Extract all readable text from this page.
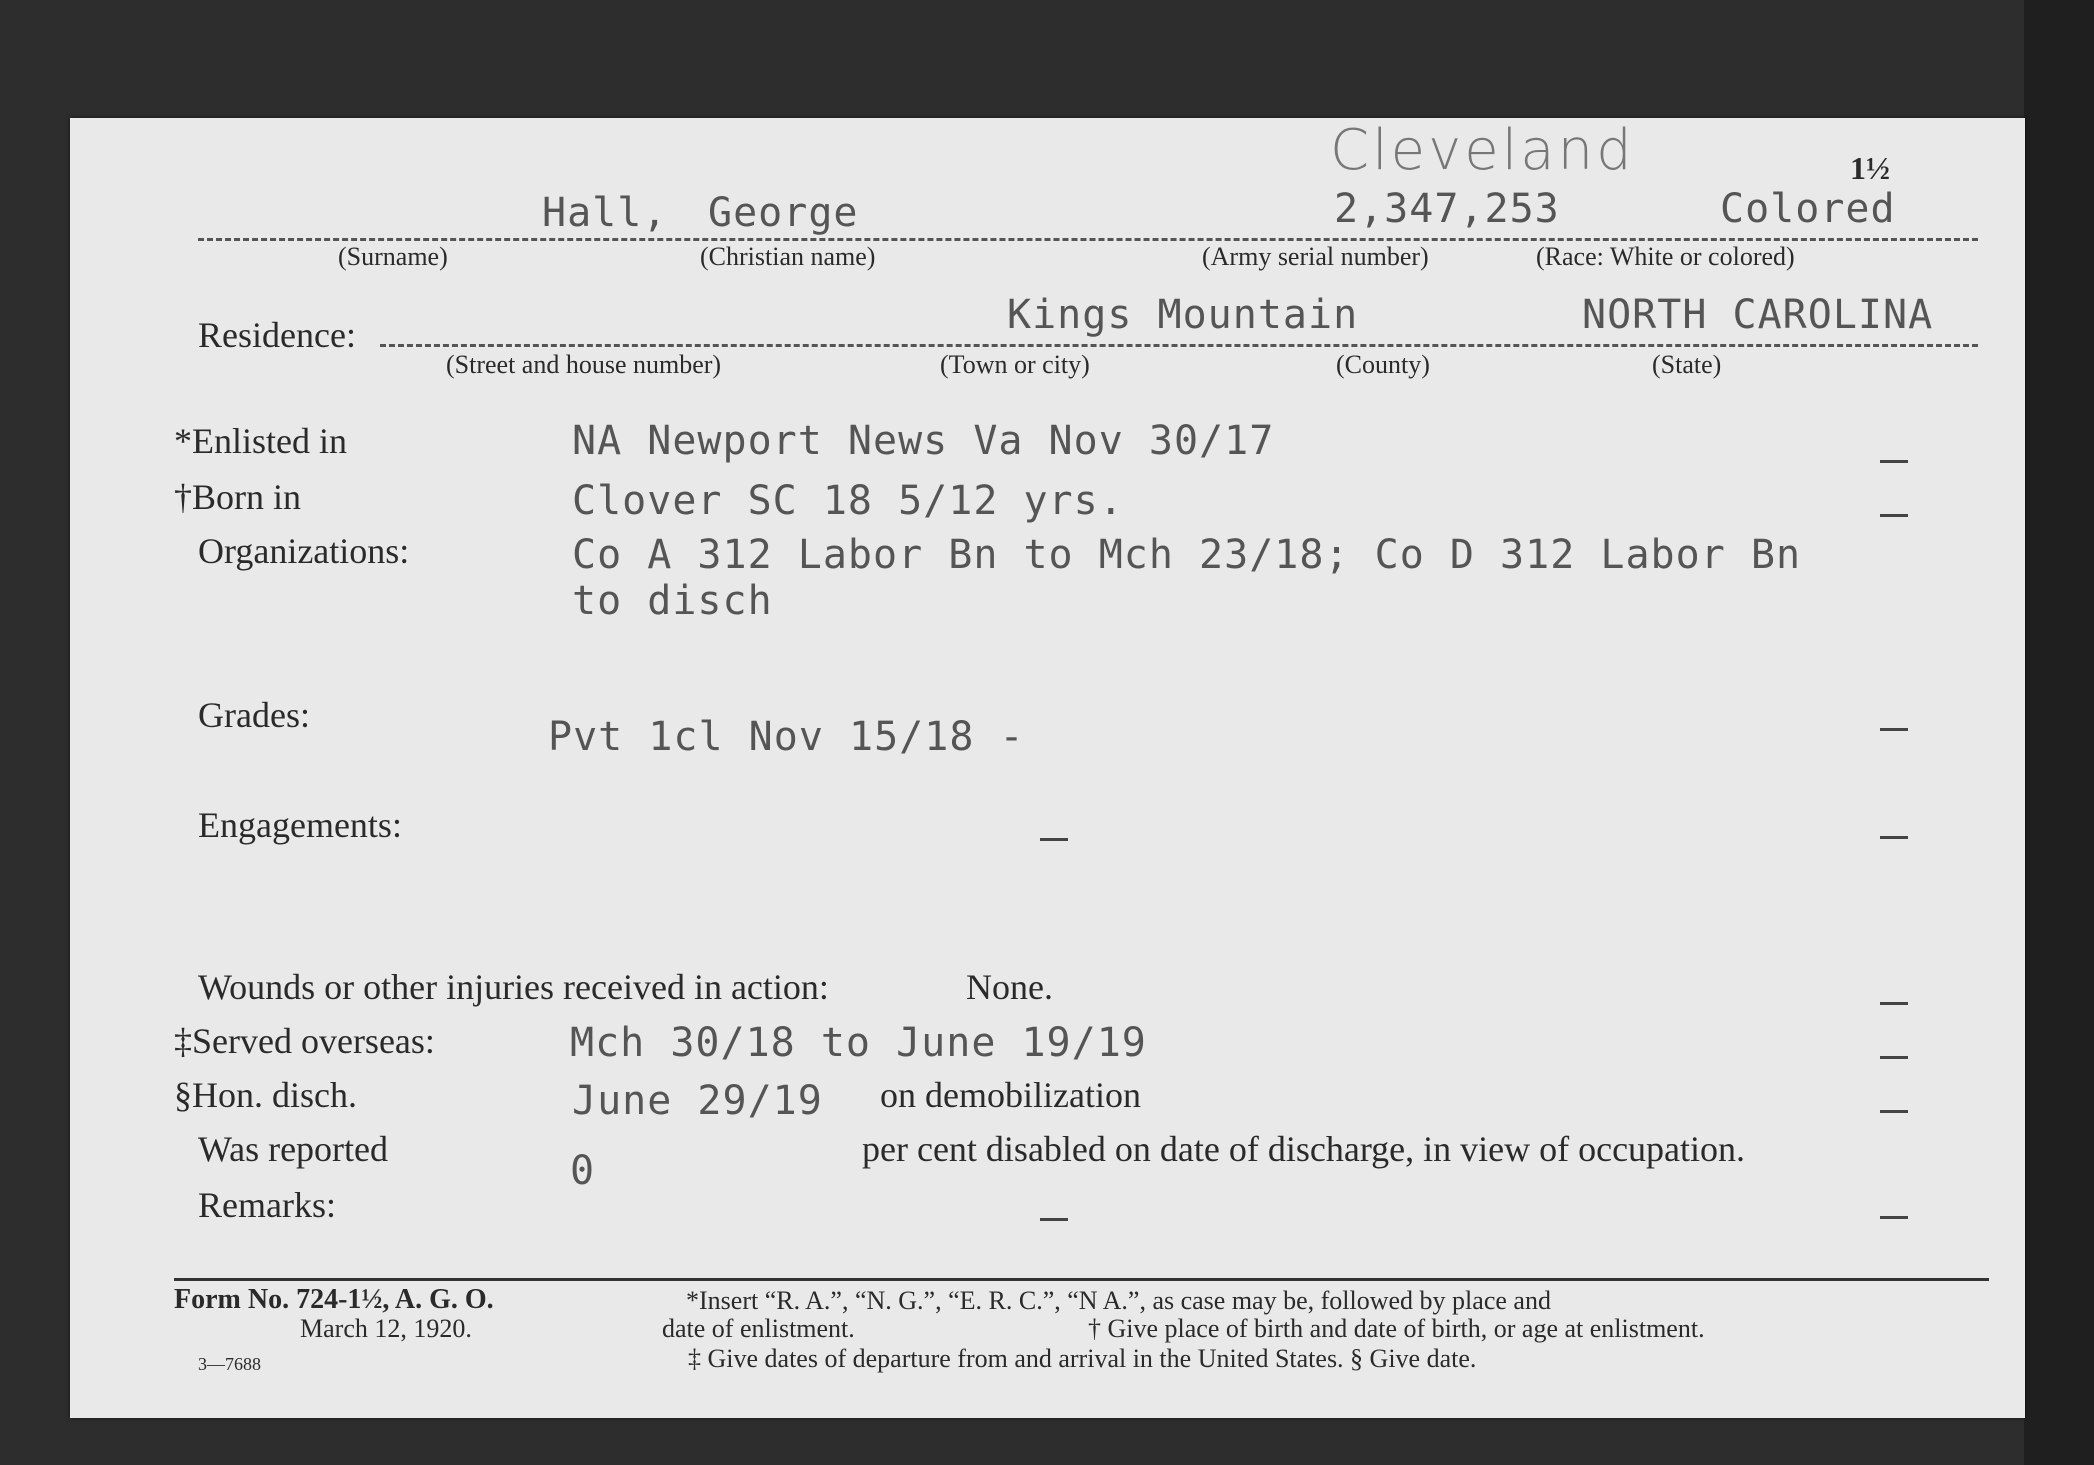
Cleveland	1½
Hall, George	2,347,253	Colored
(Surname)	(Christian name)	(Army serial number)	(Race: White or colored)
Residence:	Kings Mountain	NORTH CAROLINA
(Street and house number)	(Town or city)	(County)	(State)
*Enlisted in	NA Newport News Va Nov 30/17
†Born in	Clover SC 18 5/12 yrs.
Organizations:	Co A 312 Labor Bn to Mch 23/18; Co D 312 Labor Bn
to disch
Grades:	Pvt 1cl Nov 15/18 -
Engagements:
Wounds or other injuries received in action:	None.
‡Served overseas:	Mch 30/18 to June 19/19
§Hon. disch.	June 29/19 on demobilization
Was reported	0	per cent disabled on date of discharge, in view of occupation.
Remarks:
Form No. 724-1½, A. G. O.
March 12, 1920.
3—7688
*Insert “R. A.”, “N. G.”, “E. R. C.”, “N A.”, as case may be, followed by place and
date of enlistment.	† Give place of birth and date of birth, or age at enlistment.
‡ Give dates of departure from and arrival in the United States. § Give date.
